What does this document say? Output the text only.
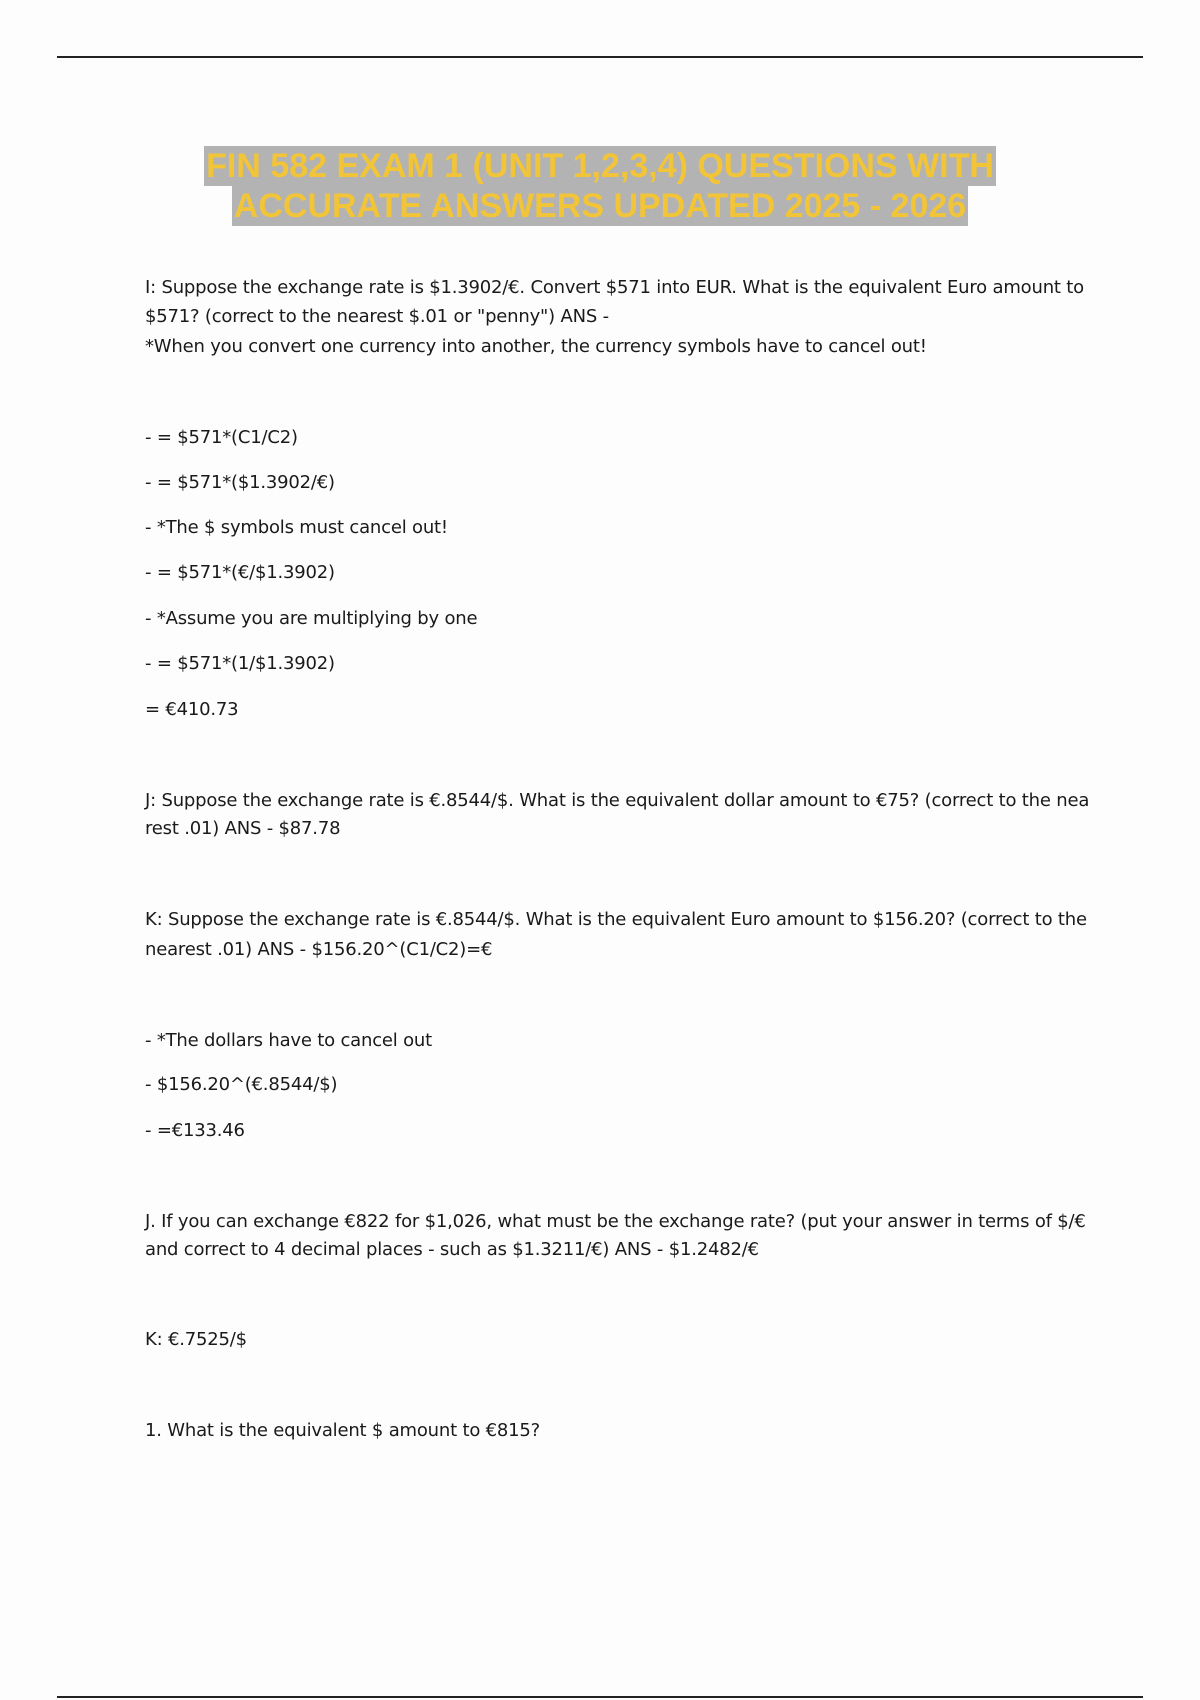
FIN 582 EXAM 1 (UNIT 1,2,3,4) QUESTIONS WITH
ACCURATE ANSWERS UPDATED 2025 - 2026

I: Suppose the exchange rate is $1.3902/€. Convert $571 into EUR. What is the equivalent Euro amount to

$571? (correct to the nearest $.01 or "penny") ANS -

*When you convert one currency into another, the currency symbols have to cancel out!

- = $571*(C1/C2)

- = $571*($1.3902/€)

- *The $ symbols must cancel out!

- = $571*(€/$1.3902)

- *Assume you are multiplying by one

- = $571*(1/$1.3902)

= €410.73

J: Suppose the exchange rate is €.8544/$. What is the equivalent dollar amount to €75? (correct to the nea

rest .01) ANS - $87.78

K: Suppose the exchange rate is €.8544/$. What is the equivalent Euro amount to $156.20? (correct to the

nearest .01) ANS - $156.20^(C1/C2)=€

- *The dollars have to cancel out

- $156.20^(€.8544/$)

- =€133.46

J. If you can exchange €822 for $1,026, what must be the exchange rate? (put your answer in terms of $/€

and correct to 4 decimal places - such as $1.3211/€) ANS - $1.2482/€

K: €.7525/$

1. What is the equivalent $ amount to €815?
